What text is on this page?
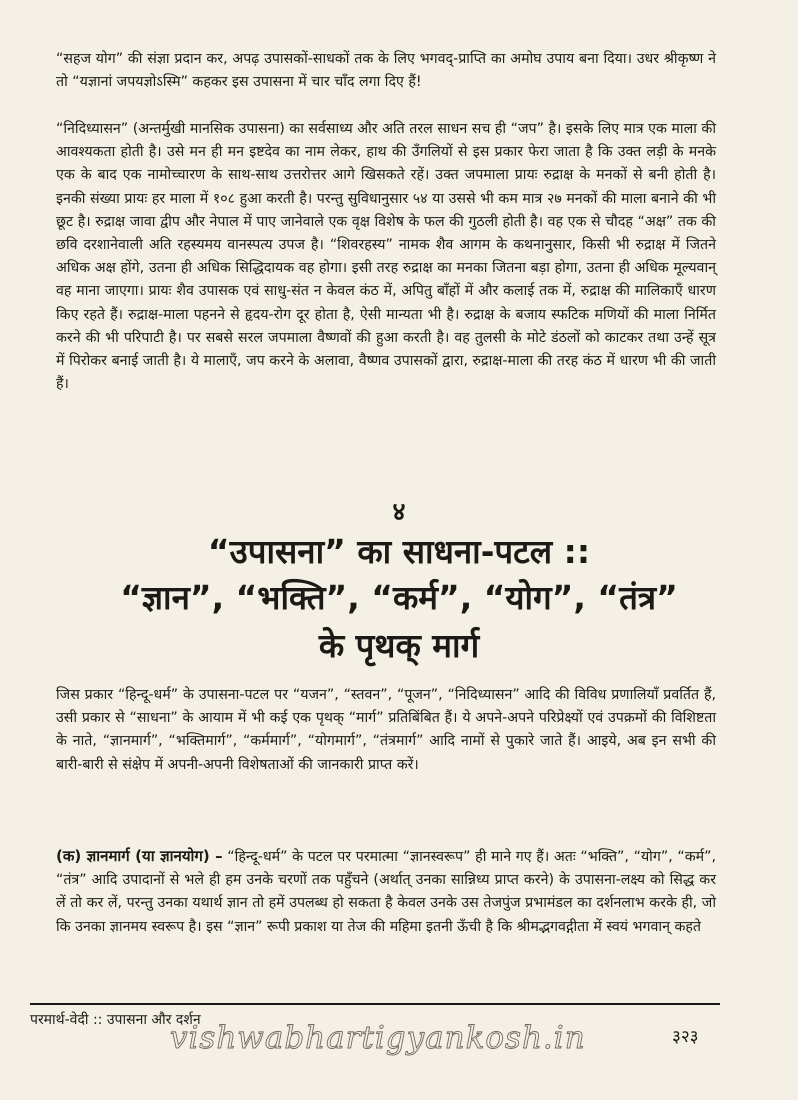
“सहज योग” की संज्ञा प्रदान कर, अपढ़ उपासकों-साधकों तक के लिए भगवद्-प्राप्ति का अमोघ उपाय बना दिया। उधर श्रीकृष्ण ने तो “यज्ञानां जपयज्ञोऽस्मि” कहकर इस उपासना में चार चाँद लगा दिए हैं!

“निदिध्यासन” (अन्तर्मुखी मानसिक उपासना) का सर्वसाध्य और अति तरल साधन सच ही “जप” है। इसके लिए मात्र एक माला की आवश्यकता होती है। उसे मन ही मन इष्टदेव का नाम लेकर, हाथ की उँगलियों से इस प्रकार फेरा जाता है कि उक्त लड़ी के मनके एक के बाद एक नामोच्चारण के साथ-साथ उत्तरोत्तर आगे खिसकते रहें। उक्त जपमाला प्रायः रुद्राक्ष के मनकों से बनी होती है। इनकी संख्या प्रायः हर माला में १०८ हुआ करती है। परन्तु सुविधानुसार ५४ या उससे भी कम मात्र २७ मनकों की माला बनाने की भी छूट है। रुद्राक्ष जावा द्वीप और नेपाल में पाए जानेवाले एक वृक्ष विशेष के फल की गुठली होती है। वह एक से चौदह “अक्ष” तक की छवि दरशानेवाली अति रहस्यमय वानस्पत्य उपज है। “शिवरहस्य” नामक शैव आगम के कथनानुसार, किसी भी रुद्राक्ष में जितने अधिक अक्ष होंगे, उतना ही अधिक सिद्धिदायक वह होगा। इसी तरह रुद्राक्ष का मनका जितना बड़ा होगा, उतना ही अधिक मूल्यवान् वह माना जाएगा। प्रायः शैव उपासक एवं साधु-संत न केवल कंठ में, अपितु बाँहों में और कलाई तक में, रुद्राक्ष की मालिकाएँ धारण किए रहते हैं। रुद्राक्ष-माला पहनने से हृदय-रोग दूर होता है, ऐसी मान्यता भी है। रुद्राक्ष के बजाय स्फटिक मणियों की माला निर्मित करने की भी परिपाटी है। पर सबसे सरल जपमाला वैष्णवों की हुआ करती है। वह तुलसी के मोटे डंठलों को काटकर तथा उन्हें सूत्र में पिरोकर बनाई जाती है। ये मालाएँ, जप करने के अलावा, वैष्णव उपासकों द्वारा, रुद्राक्ष-माला की तरह कंठ में धारण भी की जाती हैं।

४

“उपासना” का साधना-पटल ::

“ज्ञान”, “भक्ति”, “कर्म”, “योग”, “तंत्र”

के पृथक् मार्ग

जिस प्रकार “हिन्दू-धर्म” के उपासना-पटल पर “यजन”, “स्तवन”, “पूजन”, “निदिध्यासन” आदि की विविध प्रणालियाँ प्रवर्तित हैं, उसी प्रकार से “साधना” के आयाम में भी कई एक पृथक् “मार्ग” प्रतिबिंबित हैं। ये अपने-अपने परिप्रेक्ष्यों एवं उपक्रमों की विशिष्टता के नाते, “ज्ञानमार्ग”, “भक्तिमार्ग”, “कर्ममार्ग”, “योगमार्ग”, “तंत्रमार्ग” आदि नामों से पुकारे जाते हैं। आइये, अब इन सभी की बारी-बारी से संक्षेप में अपनी-अपनी विशेषताओं की जानकारी प्राप्त करें।

(क) ज्ञानमार्ग (या ज्ञानयोग) – “हिन्दू-धर्म” के पटल पर परमात्मा “ज्ञानस्वरूप” ही माने गए हैं। अतः “भक्ति”, “योग”, “कर्म”, “तंत्र” आदि उपादानों से भले ही हम उनके चरणों तक पहुँचने (अर्थात् उनका सान्निध्य प्राप्त करने) के उपासना-लक्ष्य को सिद्ध कर लें तो कर लें, परन्तु उनका यथार्थ ज्ञान तो हमें उपलब्ध हो सकता है केवल उनके उस तेजपुंज प्रभामंडल का दर्शनलाभ करके ही, जो कि उनका ज्ञानमय स्वरूप है। इस “ज्ञान” रूपी प्रकाश या तेज की महिमा इतनी ऊँची है कि श्रीमद्भगवद्गीता में स्वयं भगवान् कहते

परमार्थ-वेदी :: उपासना और दर्शन

vishwabhartigyankosh.in	३२३
